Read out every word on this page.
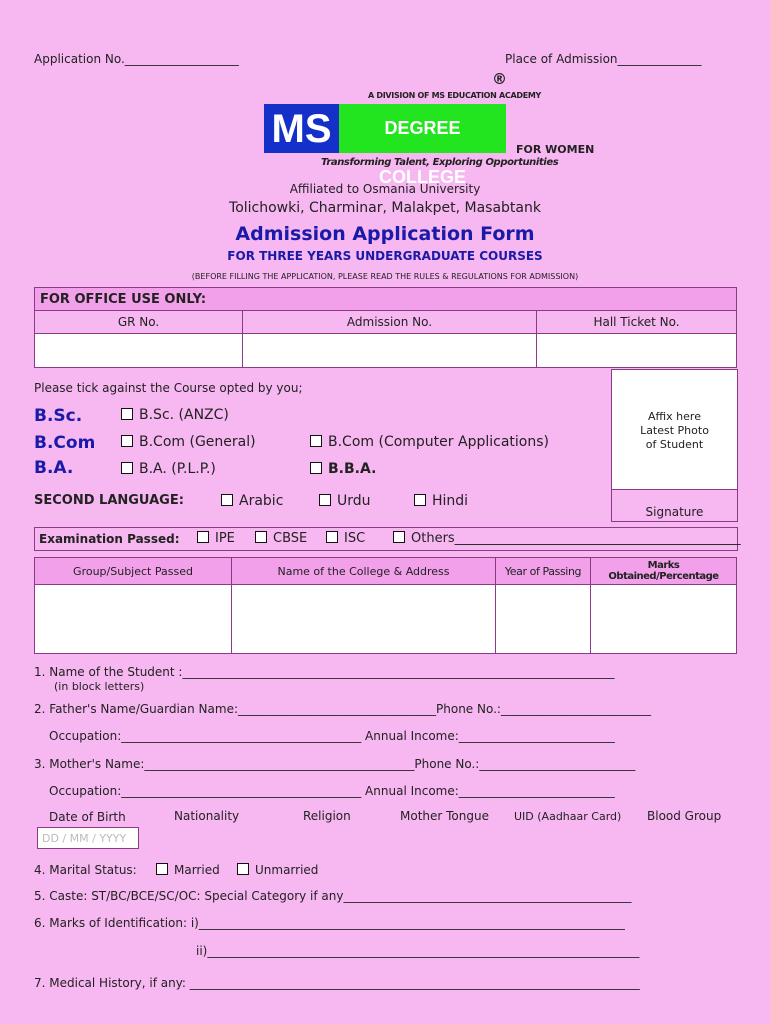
Application No.___________________	Place of Admission______________
®
A DIVISION OF MS EDUCATION ACADEMY
MS	DEGREE COLLEGE
Transforming Talent, Exploring Opportunities
FOR WOMEN
Affiliated to Osmania University
Tolichowki, Charminar, Malakpet, Masabtank
Admission Application Form
FOR THREE YEARS UNDERGRADUATE COURSES
(BEFORE FILLING THE APPLICATION, PLEASE READ THE RULES & REGULATIONS FOR ADMISSION)
FOR OFFICE USE ONLY:		
GR No.	Admission No.	Hall Ticket No.

Please tick against the Course opted by you;
B.Sc.
B.Com
B.A.
B.Sc. (ANZC)
B.Com (General)	B.Com (Computer Applications)
B.A. (P.L.P.)	B.B.A.
Affix here
Latest Photo
of Student
Signature
SECOND LANGUAGE:	Arabic	Urdu	Hindi
Examination Passed:	IPE	CBSE	ISC	Others____________________________________________
Group/Subject Passed	Name of the College & Address	Year of Passing	Marks Obtained/Percentage

1. Name of the Student :________________________________________________________________________
(in block letters)
2. Father's Name/Guardian Name:_________________________________Phone No.:_________________________
Occupation:________________________________________ Annual Income:__________________________
3. Mother's Name:_____________________________________________Phone No.:__________________________
Occupation:________________________________________ Annual Income:__________________________
Date of Birth	Nationality	Religion	Mother Tongue UID (Aadhaar Card) Blood Group
DD / MM / YYYY
4. Marital Status:	Married	Unmarried
5. Caste: ST/BC/BCE/SC/OC: Special Category if any________________________________________________
6. Marks of Identification: i)_______________________________________________________________________
ii)________________________________________________________________________
7. Medical History, if any: ___________________________________________________________________________
